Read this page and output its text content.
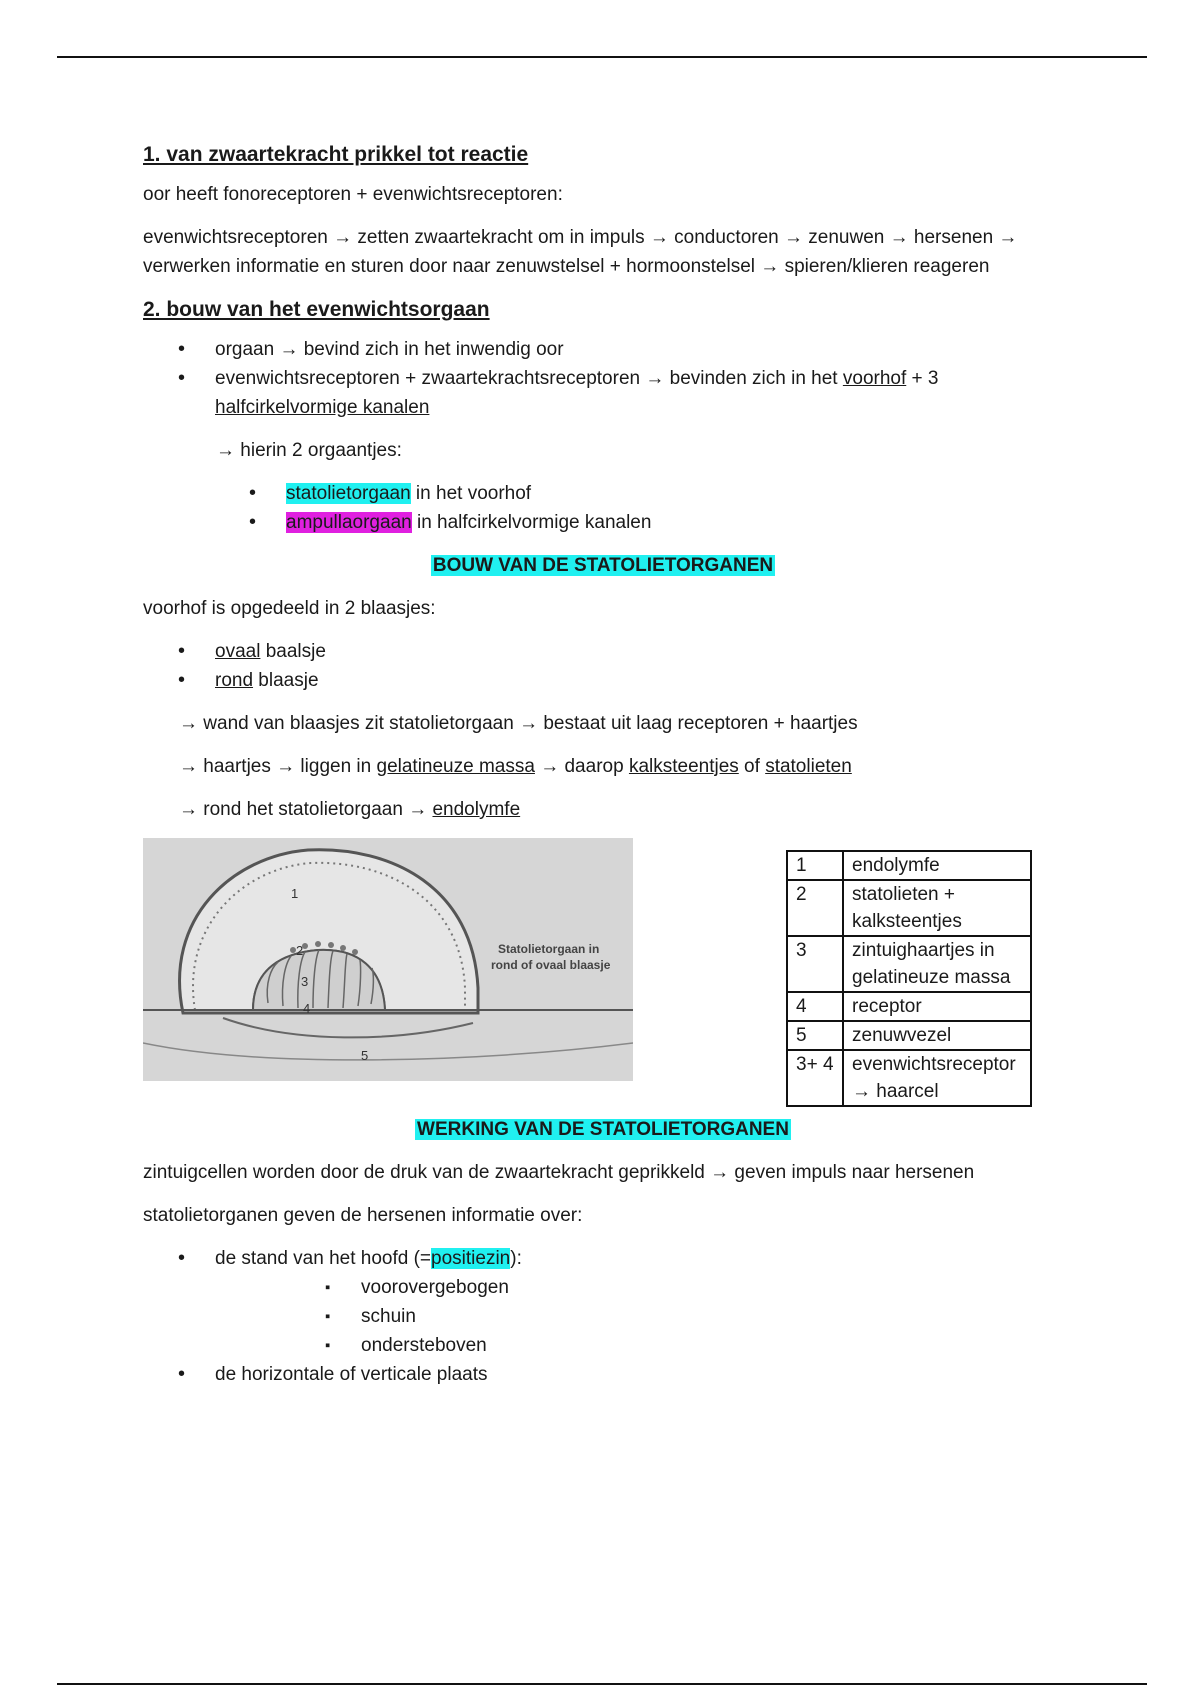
1. van zwaartekracht prikkel tot reactie

oor heeft fonoreceptoren + evenwichtsreceptoren:

evenwichtsreceptoren → zetten zwaartekracht om in impuls → conductoren → zenuwen → hersenen → verwerken informatie en sturen door naar zenuwstelsel + hormoonstelsel → spieren/klieren reageren

2. bouw van het evenwichtsorgaan
• orgaan → bevind zich in het inwendig oor
• evenwichtsreceptoren + zwaartekrachtsreceptoren → bevinden zich in het voorhof + 3 halfcirkelvormige kanalen

→ hierin 2 orgaantjes:

• statolietorgaan in het voorhof
• ampullaorgaan in halfcirkelvormige kanalen
BOUW VAN DE STATOLIETORGANEN

voorhof is opgedeeld in 2 blaasjes:

• ovaal baalsje
• rond blaasje

→ wand van blaasjes zit statolietorgaan → bestaat uit laag receptoren + haartjes

→ haartjes → liggen in gelatineuze massa → daarop kalksteentjes of statolieten

→ rond het statolietorgaan → endolymfe

1
2
3
4
5
Statolietorgaan in
rond of ovaal blaasje
1	endolymfe
2	statolieten + kalksteentjes
3	zintuighaartjes in gelatineuze massa
4	receptor
5	zenuwvezel
3+ 4	evenwichtsreceptor → haarcel
WERKING VAN DE STATOLIETORGANEN

zintuigcellen worden door de druk van de zwaartekracht geprikkeld → geven impuls naar hersenen

statolietorganen geven de hersenen informatie over:

• de stand van het hoofd (=positiezin):
▪ voorovergebogen
▪ schuin
▪ ondersteboven
• de horizontale of verticale plaats
